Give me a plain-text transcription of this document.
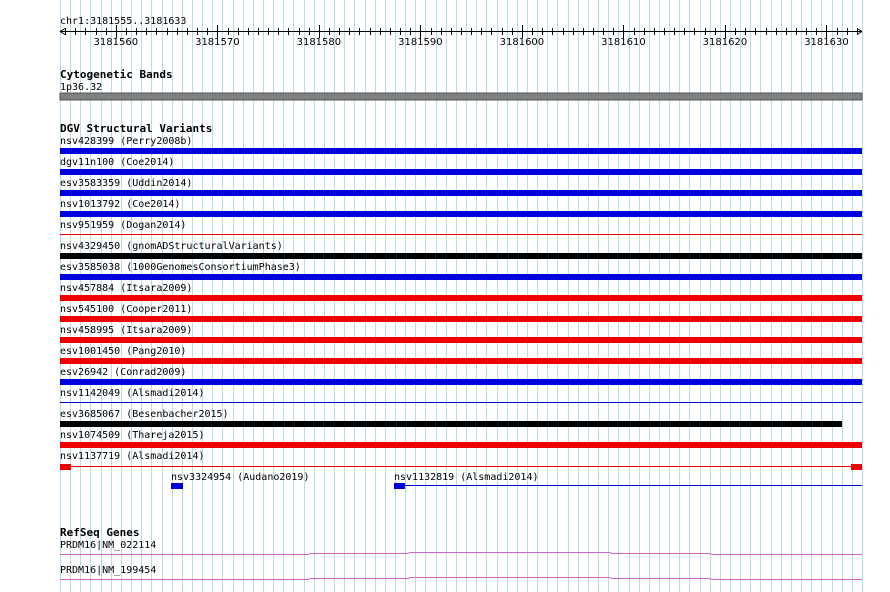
chr1:3181555..3181633
3181560	3181570	3181580	3181590	3181600	3181610	3181620	3181630
Cytogenetic Bands
1p36.32
DGV Structural Variants
nsv428399 (Perry2008b)
dgv11n100 (Coe2014)
esv3583359 (Uddin2014)
nsv1013792 (Coe2014)
nsv951959 (Dogan2014)
nsv4329450 (gnomADStructuralVariants)
esv3585038 (1000GenomesConsortiumPhase3)
nsv457884 (Itsara2009)
nsv545100 (Cooper2011)
nsv458995 (Itsara2009)
esv1001450 (Pang2010)
esv26942 (Conrad2009)
nsv1142049 (Alsmadi2014)
esv3685067 (Besenbacher2015)
nsv1074509 (Thareja2015)
nsv1137719 (Alsmadi2014)
nsv3324954 (Audano2019)	nsv1132819 (Alsmadi2014)
RefSeq Genes
PRDM16|NM_022114
PRDM16|NM_199454
